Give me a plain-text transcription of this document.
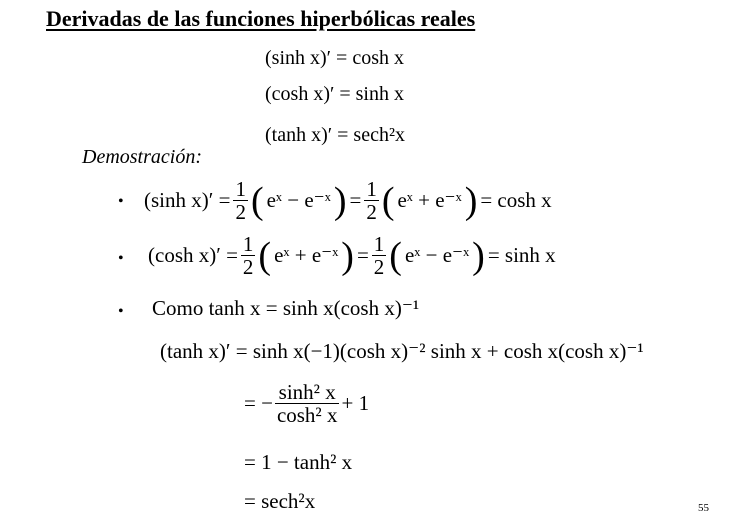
Derivadas de las funciones hiperbólicas reales
(sinh x)′ = cosh x
(cosh x)′ = sinh x
(tanh x)′ = sech²x
Demostración:
• (sinh $x)' = \frac{1}{2}$ ( eˣ − e⁻ˣ ) = $\frac{1}{2}$ ( eˣ + e⁻ˣ ) = cosh x
• (cosh $x)' = \frac{1}{2}$ ( eˣ + e⁻ˣ ) = $\frac{1}{2}$ ( eˣ − e⁻ˣ ) = sinh x
• Como tanh x = sinh x(cosh x)⁻¹
(tanh x)′ = sinh x(−1)(cosh x)⁻² sinh x + cosh x(cosh x)⁻¹
= − $\frac{\text{sinh² x}}{\text{cosh² x}} + 1$
= 1 − tanh² x
= sech²x	55
